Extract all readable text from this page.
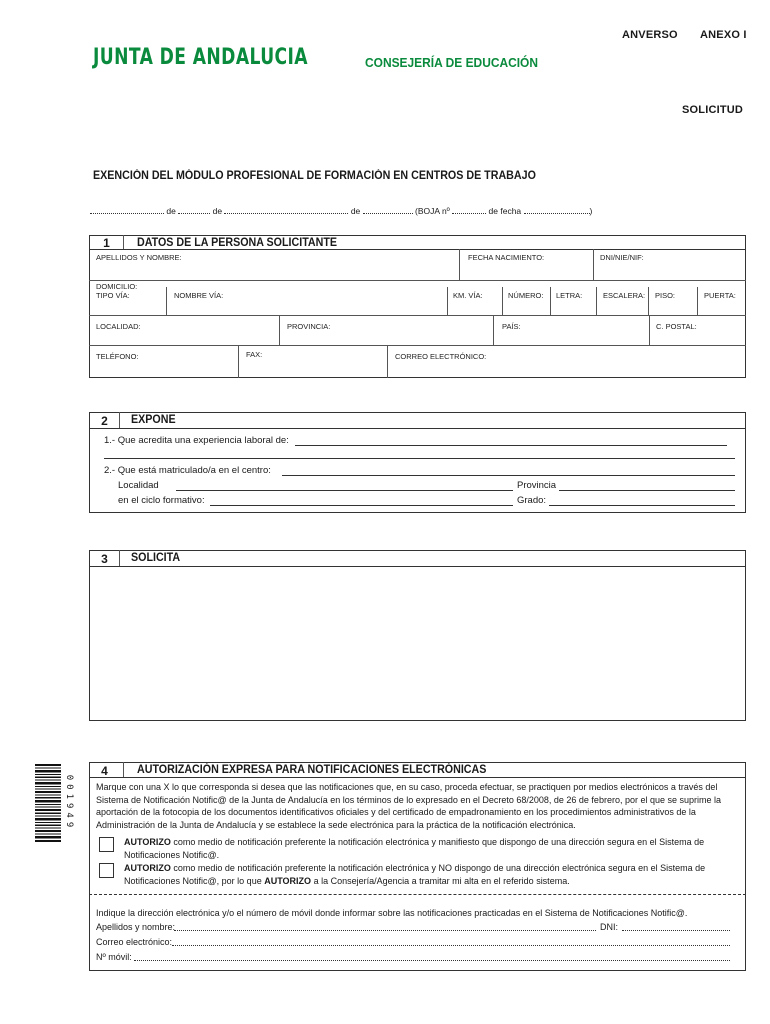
ANVERSO ANEXO I
JUNTA DE ANDALUCIA	CONSEJERÍA DE EDUCACIÓN
SOLICITUD
EXENCIÓN DEL MÓDULO PROFESIONAL DE FORMACIÓN EN CENTROS DE TRABAJO
de	de	de	(BOJA nº	de fecha	)
1	DATOS DE LA PERSONA SOLICITANTE
APELLIDOS Y NOMBRE:	FECHA NACIMIENTO:	DNI/NIE/NIF:
DOMICILIO:
TIPO VÍA:	NOMBRE VÍA:	KM. VÍA:	NÚMERO: LETRA:	ESCALERA: PISO:	PUERTA:
LOCALIDAD:	PROVINCIA:	PAÍS:	C. POSTAL:
TELÉFONO:	FAX:	CORREO ELECTRÓNICO:
2	EXPONE
1.- Que acredita una experiencia laboral de:
2.- Que está matriculado/a en el centro:
Localidad	Provincia
en el ciclo formativo:	Grado:
3	SOLICITA
001949
4	AUTORIZACIÓN EXPRESA PARA NOTIFICACIONES ELECTRÓNICAS
Marque con una X lo que corresponda si desea que las notificaciones que, en su caso, proceda efectuar, se practiquen por medios electrónicos a través del
Sistema de Notificación Notific@ de la Junta de Andalucía en los términos de lo expresado en el Decreto 68/2008, de 26 de febrero, por el que se suprime la
aportación de la fotocopia de los documentos identificativos oficiales y del certificado de empadronamiento en los procedimientos administrativos de la
Administración de la Junta de Andalucía y se establece la sede electrónica para la práctica de la notificación electrónica.
AUTORIZO como medio de notificación preferente la notificación electrónica y manifiesto que dispongo de una dirección segura en el Sistema de
Notificaciones Notific@.
AUTORIZO como medio de notificación preferente la notificación electrónica y NO dispongo de una dirección electrónica segura en el Sistema de
Notificaciones Notific@, por lo que AUTORIZO a la Consejería/Agencia a tramitar mi alta en el referido sistema.
Indique la dirección electrónica y/o el número de móvil donde informar sobre las notificaciones practicadas en el Sistema de Notificaciones Notific@.
Apellidos y nombre:	DNI:
Correo electrónico:
Nº móvil:
